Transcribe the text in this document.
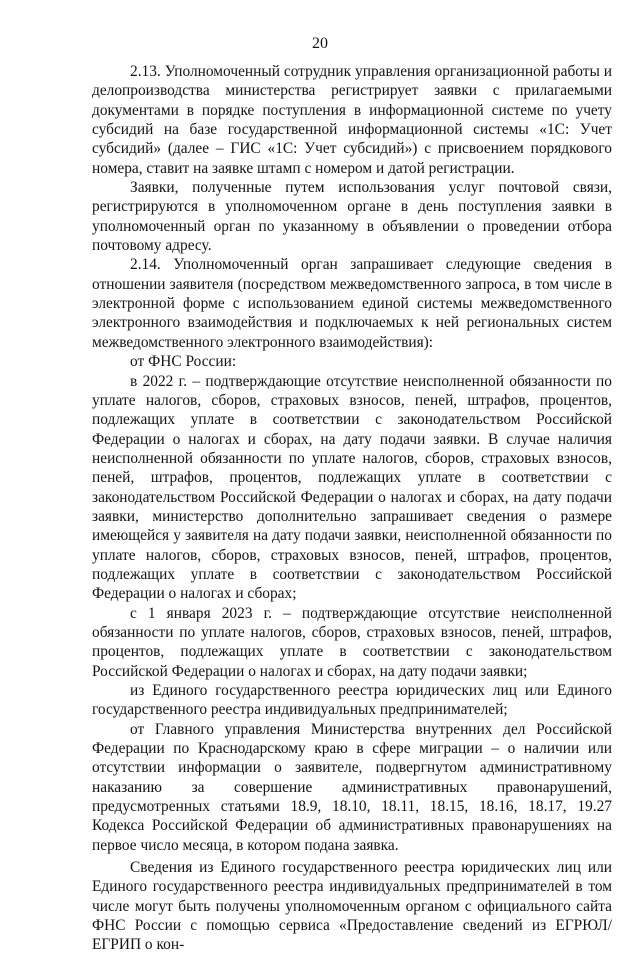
20

2.13. Уполномоченный сотрудник управления организационной работы и делопроизводства министерства регистрирует заявки с прилагаемыми документами в порядке поступления в информационной системе по учету субсидий на базе государственной информационной системы «1С: Учет субсидий» (далее – ГИС «1С: Учет субсидий») с присвоением порядкового номера, ставит на заявке штамп с номером и датой регистрации.

Заявки, полученные путем использования услуг почтовой связи, регистрируются в уполномоченном органе в день поступления заявки в уполномоченный орган по указанному в объявлении о проведении отбора почтовому адресу.

2.14. Уполномоченный орган запрашивает следующие сведения в отношении заявителя (посредством межведомственного запроса, в том числе в электронной форме с использованием единой системы межведомственного электронного взаимодействия и подключаемых к ней региональных систем межведомственного электронного взаимодействия):

от ФНС России:

в 2022 г. – подтверждающие отсутствие неисполненной обязанности по уплате налогов, сборов, страховых взносов, пеней, штрафов, процентов, подлежащих уплате в соответствии с законодательством Российской Федерации о налогах и сборах, на дату подачи заявки. В случае наличия неисполненной обязанности по уплате налогов, сборов, страховых взносов, пеней, штрафов, процентов, подлежащих уплате в соответствии с законодательством Российской Федерации о налогах и сборах, на дату подачи заявки, министерство дополнительно запрашивает сведения о размере имеющейся у заявителя на дату подачи заявки, неисполненной обязанности по уплате налогов, сборов, страховых взносов, пеней, штрафов, процентов, подлежащих уплате в соответствии с законодательством Российской Федерации о налогах и сборах;

с 1 января 2023 г. – подтверждающие отсутствие неисполненной обязанности по уплате налогов, сборов, страховых взносов, пеней, штрафов, процентов, подлежащих уплате в соответствии с законодательством Российской Федерации о налогах и сборах, на дату подачи заявки;

из Единого государственного реестра юридических лиц или Единого государственного реестра индивидуальных предпринимателей;

от Главного управления Министерства внутренних дел Российской Федерации по Краснодарскому краю в сфере миграции – о наличии или отсутствии информации о заявителе, подвергнутом административному наказанию за совершение административных правонарушений, предусмотренных статьями 18.9, 18.10, 18.11, 18.15, 18.16, 18.17, 19.27 Кодекса Российской Федерации об административных правонарушениях на первое число месяца, в котором подана заявка.

Сведения из Единого государственного реестра юридических лиц или Единого государственного реестра индивидуальных предпринимателей в том числе могут быть получены уполномоченным органом с официального сайта ФНС России с помощью сервиса «Предоставление сведений из ЕГРЮЛ/ЕГРИП о кон-
